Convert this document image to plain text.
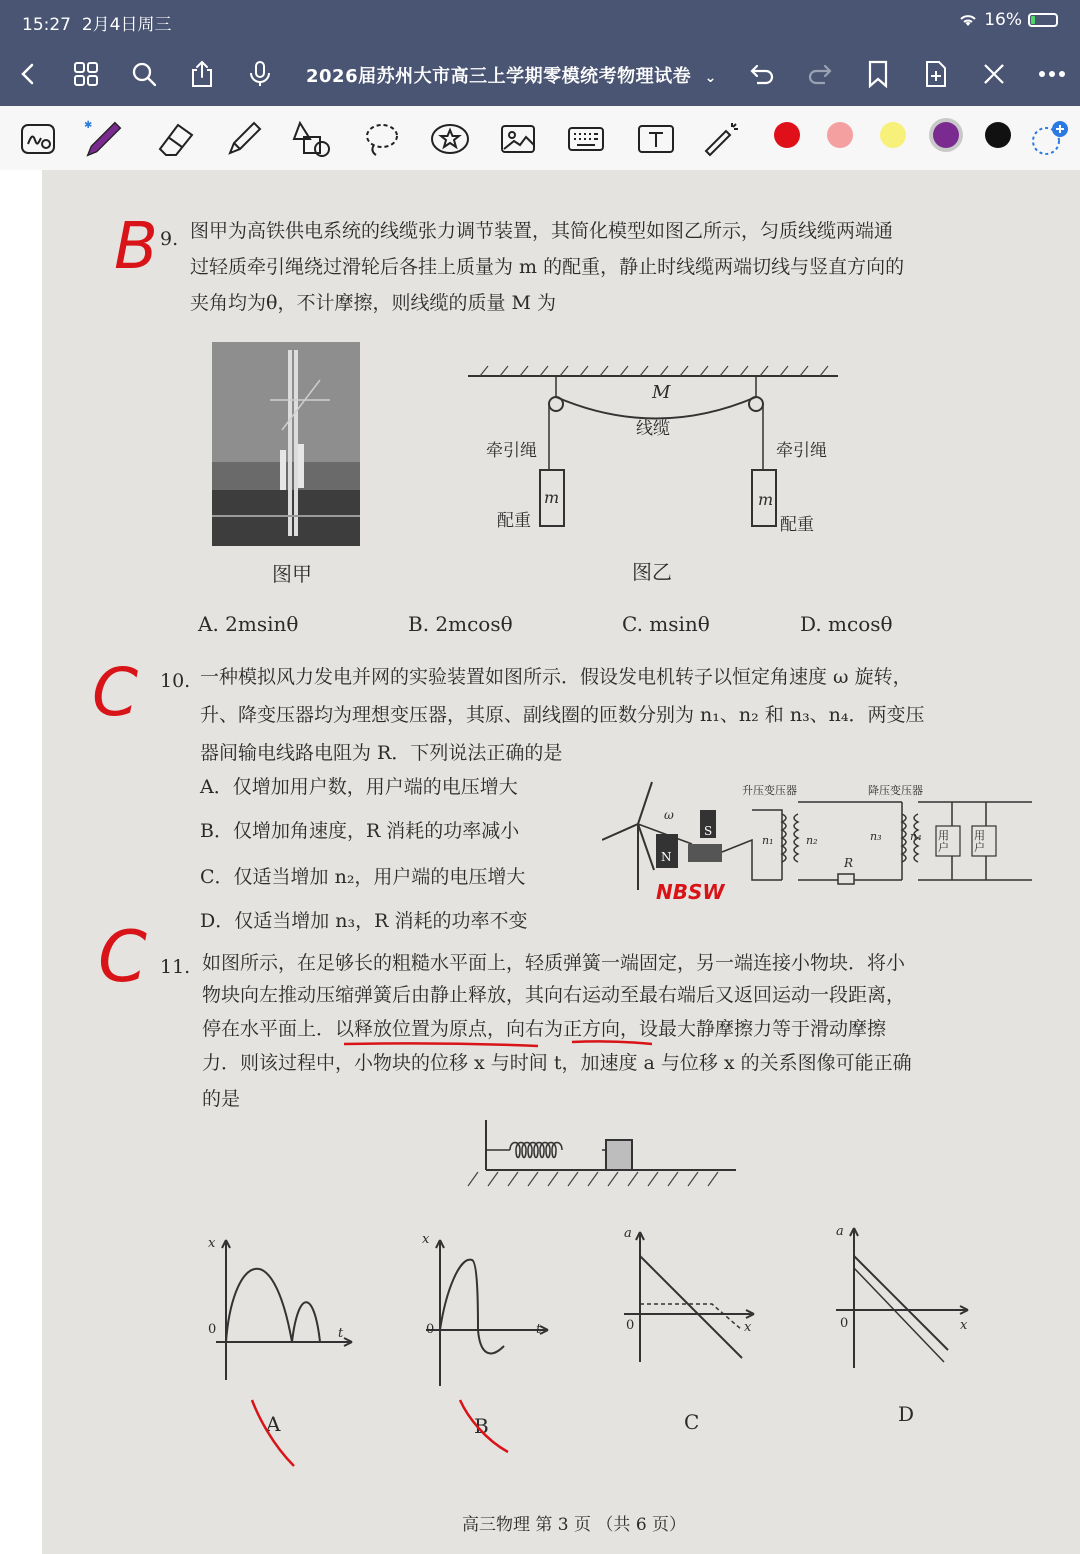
15:27 2月4日周三	16%
2026届苏州大市高三上学期零模统考物理试卷 ⌄
✱
9. 图甲为高铁供电系统的线缆张力调节装置，其简化模型如图乙所示，匀质线缆两端通
过轻质牵引绳绕过滑轮后各挂上质量为 m 的配重，静止时线缆两端切线与竖直方向的
夹角均为θ，不计摩擦，则线缆的质量 M 为
图甲
M
线缆
牵引绳	牵引绳
配重	配重
m	m
图乙
A. 2msinθ	B. 2mcosθ	C. msinθ	D. mcosθ
10. 一种模拟风力发电并网的实验装置如图所示．假设发电机转子以恒定角速度 ω 旋转，
升、降变压器均为理想变压器，其原、副线圈的匝数分别为 n₁、n₂ 和 n₃、n₄．两变压
器间输电线路电阻为 R．下列说法正确的是
A．仅增加用户数，用户端的电压增大
B．仅增加角速度，R 消耗的功率减小
C．仅适当增加 n₂，用户端的电压增大
D．仅适当增加 n₃，R 消耗的功率不变
升压变压器	降压变压器
ω
N
S
n₁	n₂	n₃	n₄
R
用户
用户
11. 如图所示，在足够长的粗糙水平面上，轻质弹簧一端固定，另一端连接小物块．将小
物块向左推动压缩弹簧后由静止释放，其向右运动至最右端后又返回运动一段距离，
停在水平面上．以释放位置为原点，向右为正方向，设最大静摩擦力等于滑动摩擦
力．则该过程中，小物块的位移 x 与时间 t，加速度 a 与位移 x 的关系图像可能正确
的是
x
0	t
A
x
0	t
B
a
0	x
C
a
0	x
D
高三物理 第 3 页 （共 6 页）
B
C
C
NBSW
